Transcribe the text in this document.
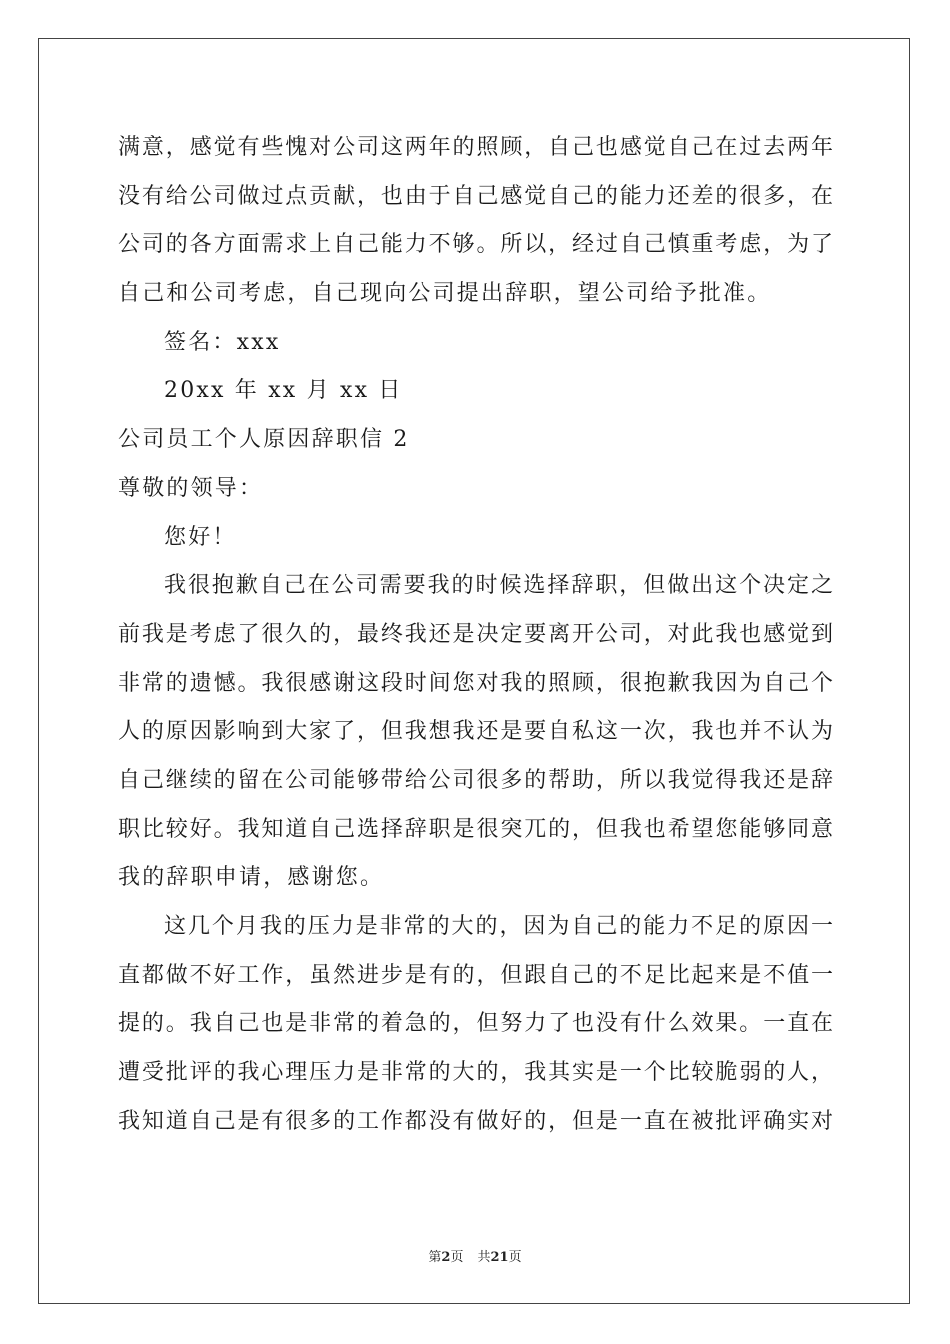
满意，感觉有些愧对公司这两年的照顾，自己也感觉自己在过去两年
没有给公司做过点贡献，也由于自己感觉自己的能力还差的很多，在
公司的各方面需求上自己能力不够。所以，经过自己慎重考虑，为了
自己和公司考虑，自己现向公司提出辞职，望公司给予批准。
签名：xxx
20xx 年 xx 月 xx 日
公司员工个人原因辞职信 2
尊敬的领导：
您好！
我很抱歉自己在公司需要我的时候选择辞职，但做出这个决定之
前我是考虑了很久的，最终我还是决定要离开公司，对此我也感觉到
非常的遗憾。我很感谢这段时间您对我的照顾，很抱歉我因为自己个
人的原因影响到大家了，但我想我还是要自私这一次，我也并不认为
自己继续的留在公司能够带给公司很多的帮助，所以我觉得我还是辞
职比较好。我知道自己选择辞职是很突兀的，但我也希望您能够同意
我的辞职申请，感谢您。
这几个月我的压力是非常的大的，因为自己的能力不足的原因一
直都做不好工作，虽然进步是有的，但跟自己的不足比起来是不值一
提的。我自己也是非常的着急的，但努力了也没有什么效果。一直在
遭受批评的我心理压力是非常的大的，我其实是一个比较脆弱的人，
我知道自己是有很多的工作都没有做好的，但是一直在被批评确实对
第2页 共21页
